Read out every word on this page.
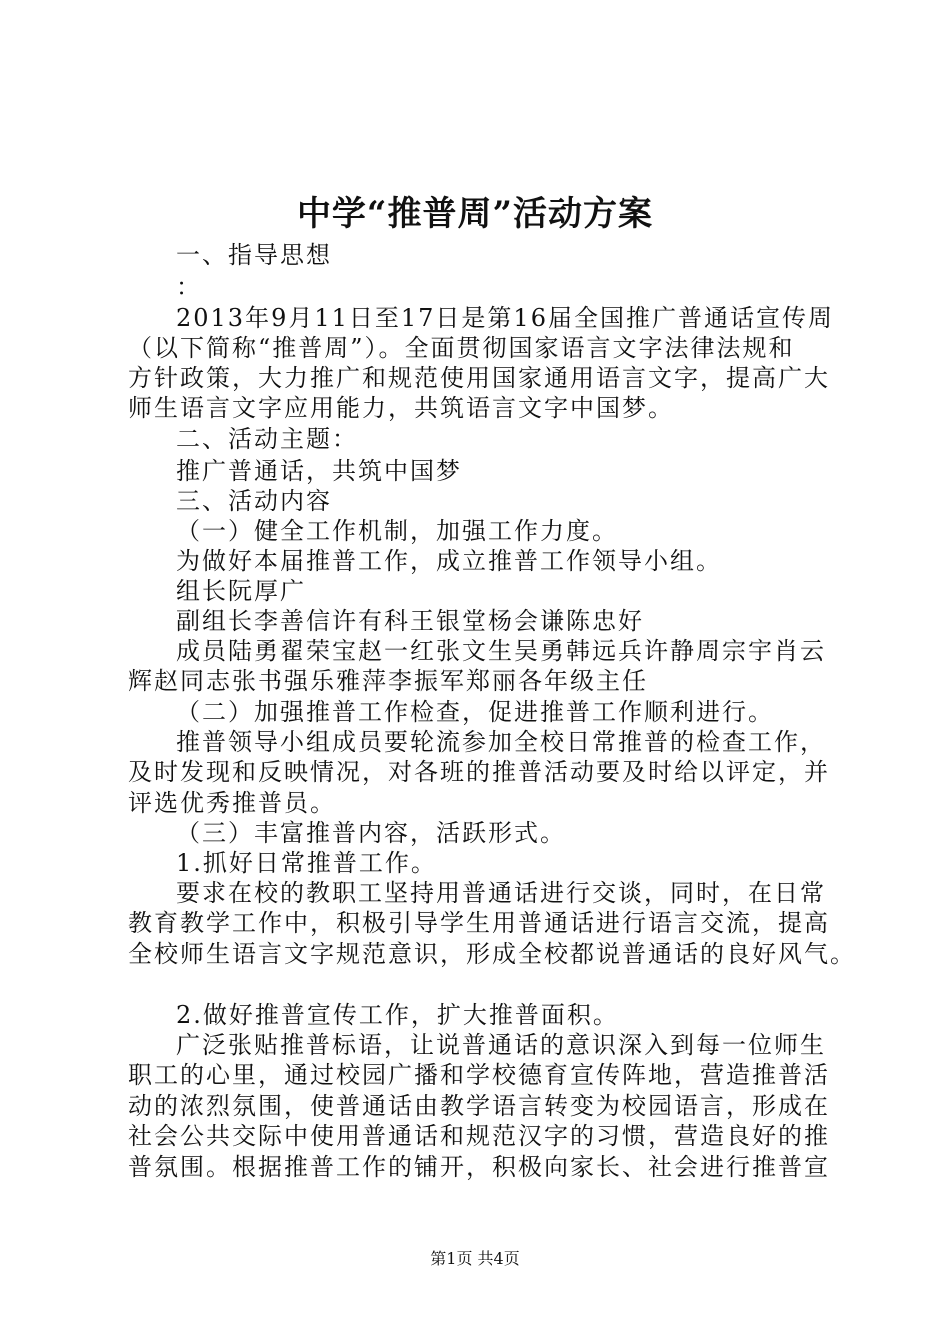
中学“推普周”活动方案
一、指导思想
：
2013年9月11日至17日是第16届全国推广普通话宣传周
（以下简称“推普周”）。全面贯彻国家语言文字法律法规和
方针政策，大力推广和规范使用国家通用语言文字，提高广大
师生语言文字应用能力，共筑语言文字中国梦。
二、活动主题：
推广普通话，共筑中国梦
三、活动内容
（一）健全工作机制，加强工作力度。
为做好本届推普工作，成立推普工作领导小组。
组长阮厚广
副组长李善信许有科王银堂杨会谦陈忠好
成员陆勇翟荣宝赵一红张文生吴勇韩远兵许静周宗宇肖云
辉赵同志张书强乐雅萍李振军郑丽各年级主任
（二）加强推普工作检查，促进推普工作顺利进行。
推普领导小组成员要轮流参加全校日常推普的检查工作，
及时发现和反映情况，对各班的推普活动要及时给以评定，并
评选优秀推普员。
（三）丰富推普内容，活跃形式。
1.抓好日常推普工作。
要求在校的教职工坚持用普通话进行交谈，同时，在日常
教育教学工作中，积极引导学生用普通话进行语言交流，提高
全校师生语言文字规范意识，形成全校都说普通话的良好风气。
2.做好推普宣传工作，扩大推普面积。
广泛张贴推普标语，让说普通话的意识深入到每一位师生
职工的心里，通过校园广播和学校德育宣传阵地，营造推普活
动的浓烈氛围，使普通话由教学语言转变为校园语言，形成在
社会公共交际中使用普通话和规范汉字的习惯，营造良好的推
普氛围。根据推普工作的铺开，积极向家长、社会进行推普宣
第1页 共4页
